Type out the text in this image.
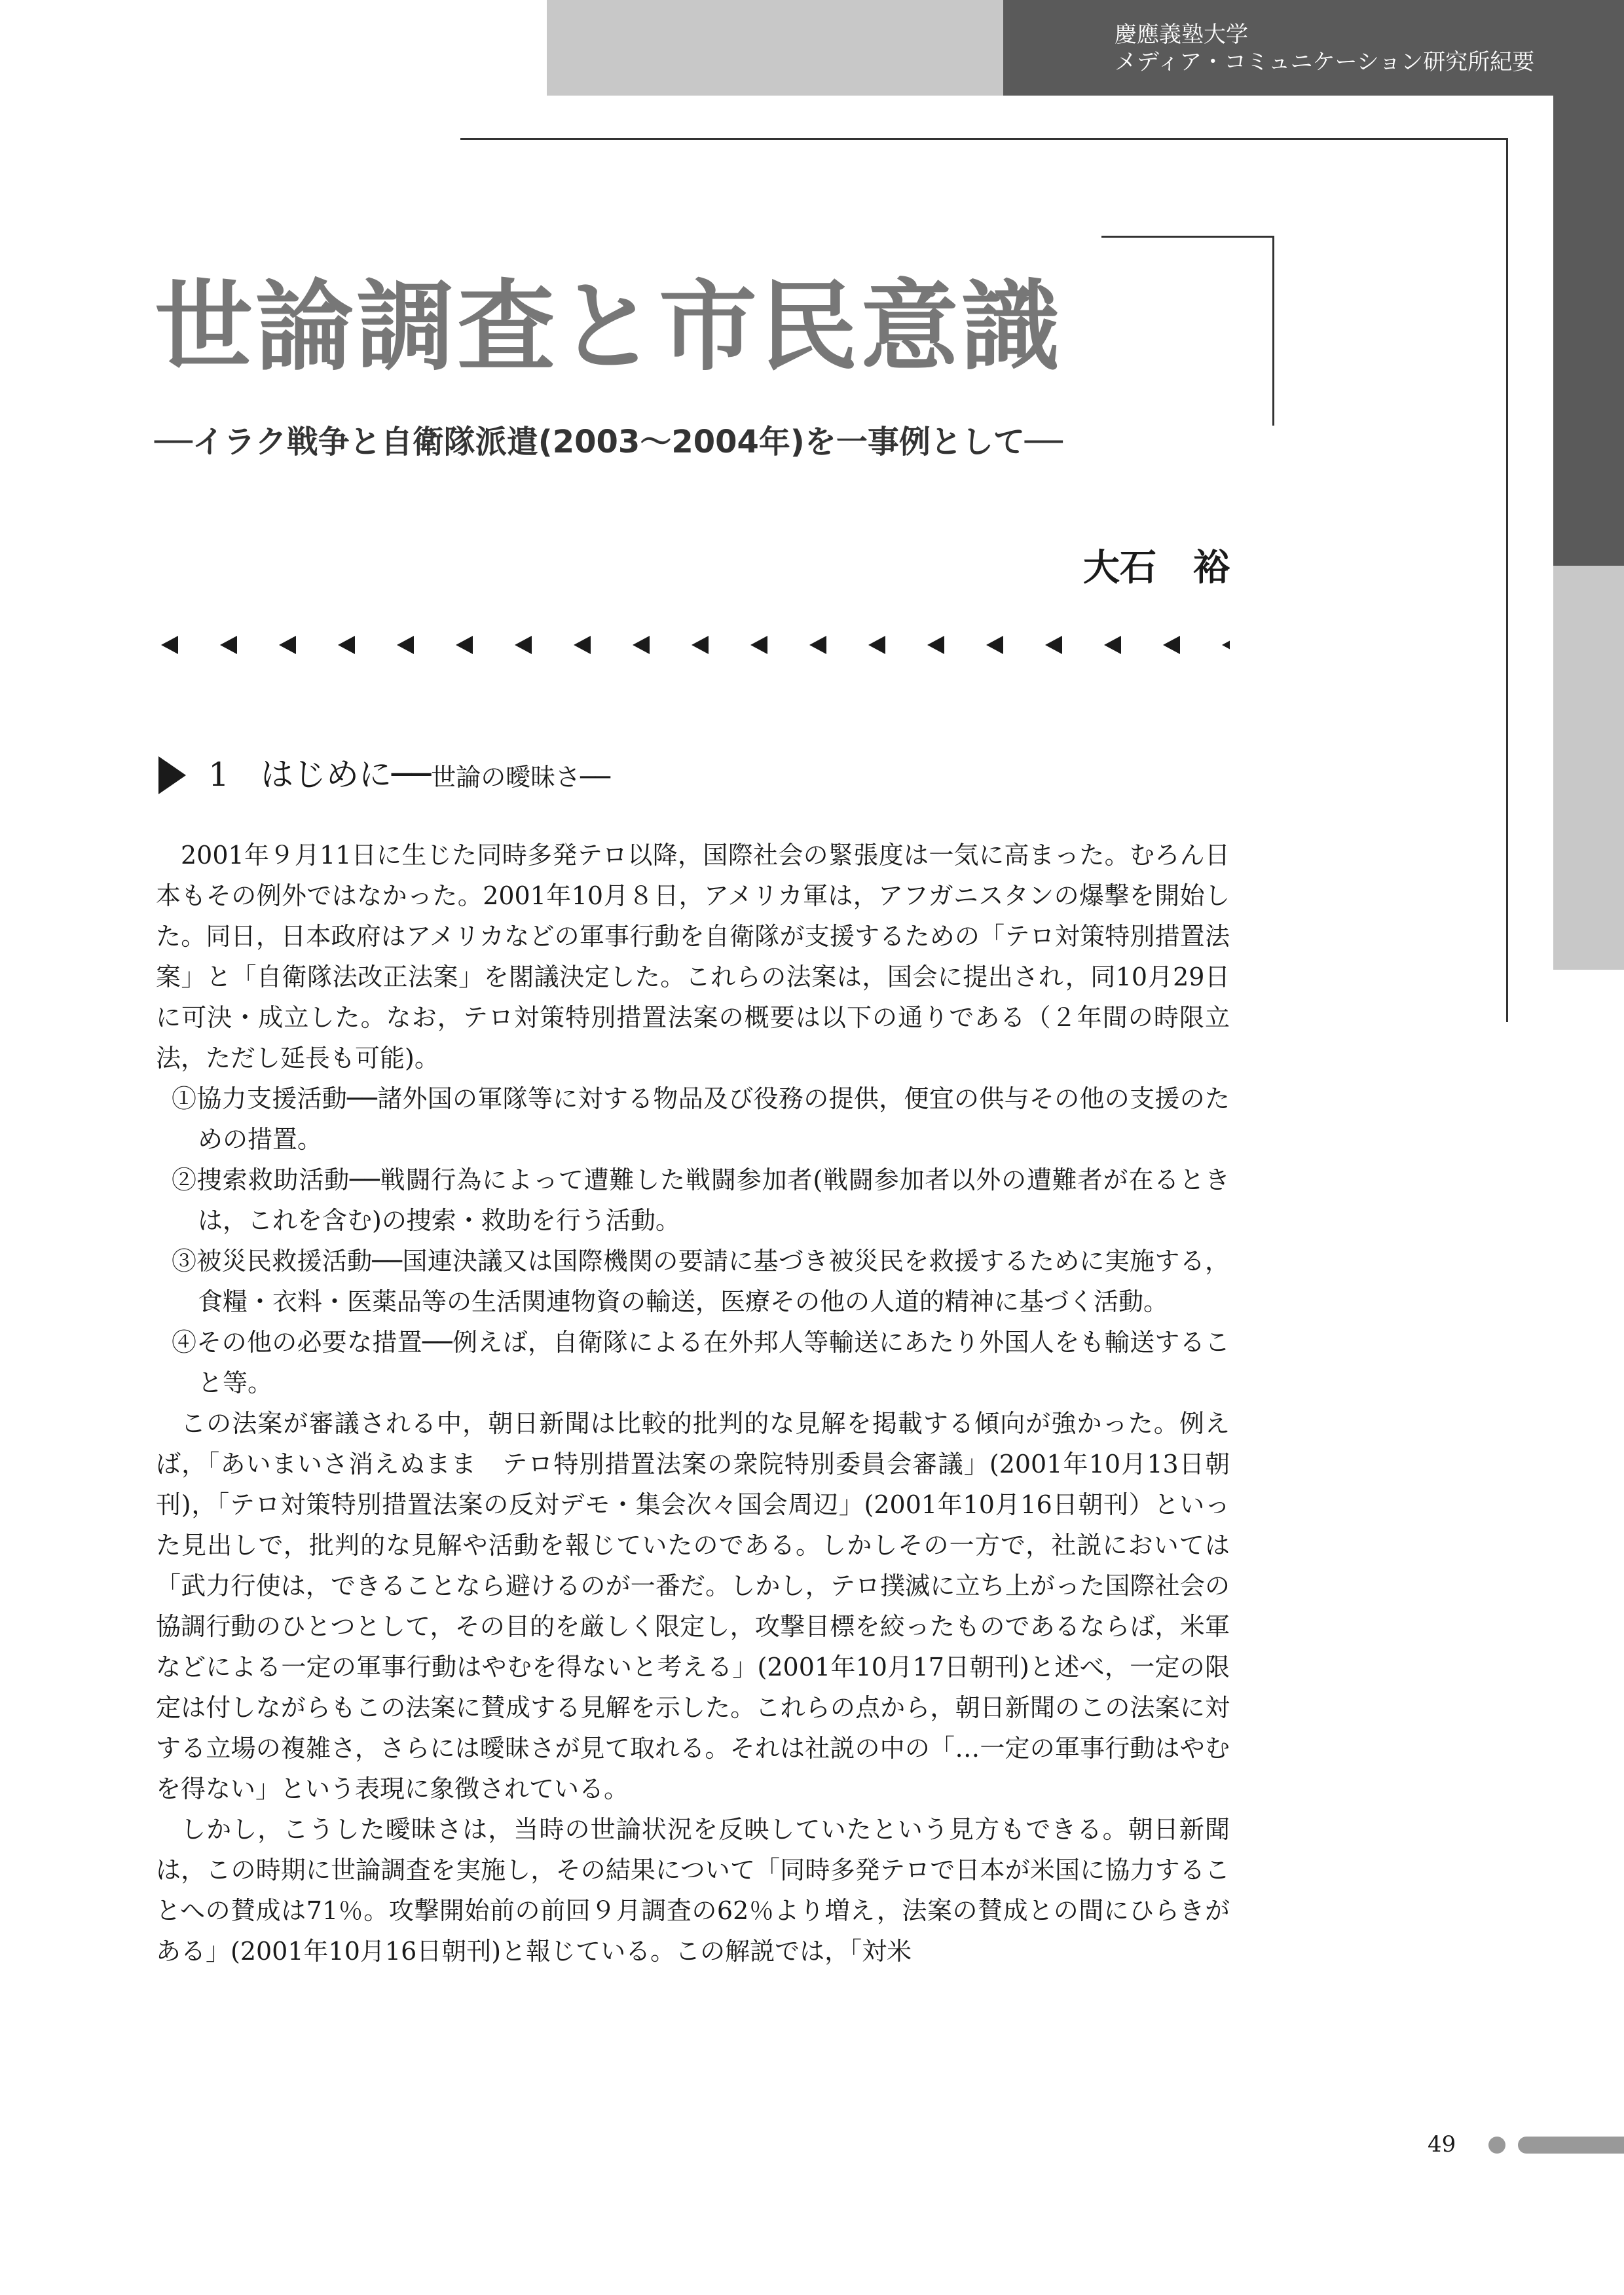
慶應義塾大学
メディア・コミュニケーション研究所紀要
世論調査と市民意識
──イラク戦争と自衛隊派遣(2003～2004年)を一事例として──
大石　裕
1 はじめに──世論の曖昧さ──

2001年９月11日に生じた同時多発テロ以降，国際社会の緊張度は一気に高まった。むろん日本もその例外ではなかった。2001年10月８日，アメリカ軍は，アフガニスタンの爆撃を開始した。同日，日本政府はアメリカなどの軍事行動を自衛隊が支援するための「テロ対策特別措置法案」と「自衛隊法改正法案」を閣議決定した。これらの法案は，国会に提出され，同10月29日に可決・成立した。なお，テロ対策特別措置法案の概要は以下の通りである（２年間の時限立法，ただし延長も可能)。

①協力支援活動──諸外国の軍隊等に対する物品及び役務の提供，便宜の供与その他の支援のための措置。

②捜索救助活動──戦闘行為によって遭難した戦闘参加者(戦闘参加者以外の遭難者が在るときは，これを含む)の捜索・救助を行う活動。

③被災民救援活動──国連決議又は国際機関の要請に基づき被災民を救援するために実施する，食糧・衣料・医薬品等の生活関連物資の輸送，医療その他の人道的精神に基づく活動。

④その他の必要な措置──例えば，自衛隊による在外邦人等輸送にあたり外国人をも輸送すること等。

この法案が審議される中，朝日新聞は比較的批判的な見解を掲載する傾向が強かった。例えば，「あいまいさ消えぬまま　テロ特別措置法案の衆院特別委員会審議」(2001年10月13日朝刊)，「テロ対策特別措置法案の反対デモ・集会次々国会周辺」(2001年10月16日朝刊）といった見出しで，批判的な見解や活動を報じていたのである。しかしその一方で，社説においては「武力行使は，できることなら避けるのが一番だ。しかし，テロ撲滅に立ち上がった国際社会の協調行動のひとつとして，その目的を厳しく限定し，攻撃目標を絞ったものであるならば，米軍などによる一定の軍事行動はやむを得ないと考える」(2001年10月17日朝刊)と述べ，一定の限定は付しながらもこの法案に賛成する見解を示した。これらの点から，朝日新聞のこの法案に対する立場の複雑さ，さらには曖昧さが見て取れる。それは社説の中の「…一定の軍事行動はやむを得ない」という表現に象徴されている。

しかし，こうした曖昧さは，当時の世論状況を反映していたという見方もできる。朝日新聞は，この時期に世論調査を実施し，その結果について「同時多発テロで日本が米国に協力することへの賛成は71％。攻撃開始前の前回９月調査の62％より増え，法案の賛成との間にひらきがある」(2001年10月16日朝刊)と報じている。この解説では，「対米

49
